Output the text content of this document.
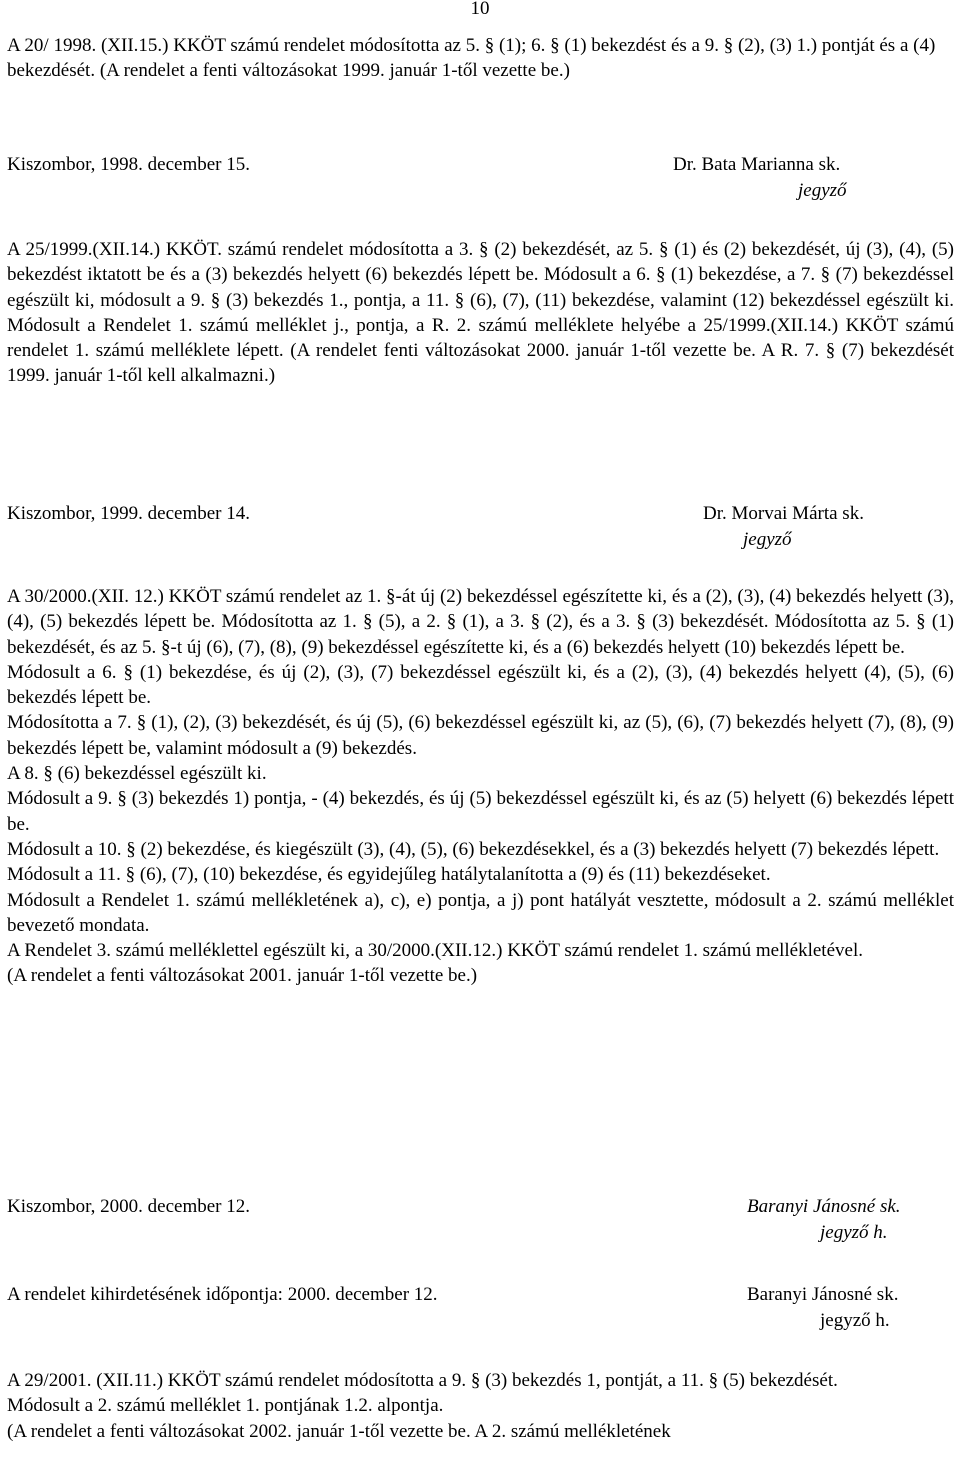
10

A 20/ 1998. (XII.15.) KKÖT számú rendelet módosította az 5. § (1); 6. § (1) bekezdést és a 9. § (2), (3) 1.) pontját és a (4) bekezdését. (A rendelet a fenti változásokat 1999. január 1-től vezette be.)

Kiszombor, 1998. december 15.	Dr. Bata Marianna sk.
jegyző

A 25/1999.(XII.14.) KKÖT. számú rendelet módosította a 3. § (2) bekezdését, az 5. § (1) és (2) bekezdését, új (3), (4), (5) bekezdést iktatott be és a (3) bekezdés helyett (6) bekezdés lépett be. Módosult a 6. § (1) bekezdése, a 7. § (7) bekezdéssel egészült ki, módosult a 9. § (3) bekezdés 1., pontja, a 11. § (6), (7), (11) bekezdése, valamint (12) bekezdéssel egészült ki. Módosult a Rendelet 1. számú melléklet j., pontja, a R. 2. számú melléklete helyébe a 25/1999.(XII.14.) KKÖT számú rendelet 1. számú melléklete lépett. (A rendelet fenti változásokat 2000. január 1-től vezette be. A R. 7. § (7) bekezdését 1999. január 1-től kell alkalmazni.)

Kiszombor, 1999. december 14.	Dr. Morvai Márta sk.
jegyző

A 30/2000.(XII. 12.) KKÖT számú rendelet az 1. §-át új (2) bekezdéssel egészítette ki, és a (2), (3), (4) bekezdés helyett (3), (4), (5) bekezdés lépett be. Módosította az 1. § (5), a 2. § (1), a 3. § (2), és a 3. § (3) bekezdését. Módosította az 5. § (1) bekezdését, és az 5. §-t új (6), (7), (8), (9) bekezdéssel egészítette ki, és a (6) bekezdés helyett (10) bekezdés lépett be.

Módosult a 6. § (1) bekezdése, és új (2), (3), (7) bekezdéssel egészült ki, és a (2), (3), (4) bekezdés helyett (4), (5), (6) bekezdés lépett be.

Módosította a 7. § (1), (2), (3) bekezdését, és új (5), (6) bekezdéssel egészült ki, az (5), (6), (7) bekezdés helyett (7), (8), (9) bekezdés lépett be, valamint módosult a (9) bekezdés.

A 8. § (6) bekezdéssel egészült ki.

Módosult a 9. § (3) bekezdés 1) pontja, - (4) bekezdés, és új (5) bekezdéssel egészült ki, és az (5) helyett (6) bekezdés lépett be.

Módosult a 10. § (2) bekezdése, és kiegészült (3), (4), (5), (6) bekezdésekkel, és a (3) bekezdés helyett (7) bekezdés lépett.

Módosult a 11. § (6), (7), (10) bekezdése, és egyidejűleg hatálytalanította a (9) és (11) bekezdéseket.

Módosult a Rendelet 1. számú mellékletének a), c), e) pontja, a j) pont hatályát vesztette, módosult a 2. számú melléklet bevezető mondata.

A Rendelet 3. számú melléklettel egészült ki, a 30/2000.(XII.12.) KKÖT számú rendelet 1. számú mellékletével.

(A rendelet a fenti változásokat 2001. január 1-től vezette be.)

Kiszombor, 2000. december 12.	Baranyi Jánosné sk.
jegyző h.
A rendelet kihirdetésének időpontja: 2000. december 12.	Baranyi Jánosné sk.
jegyző h.

A 29/2001. (XII.11.) KKÖT számú rendelet módosította a 9. § (3) bekezdés 1, pontját, a 11. § (5) bekezdését.

Módosult a 2. számú melléklet 1. pontjának 1.2. alpontja.

(A rendelet a fenti változásokat 2002. január 1-től vezette be. A 2. számú mellékletének
